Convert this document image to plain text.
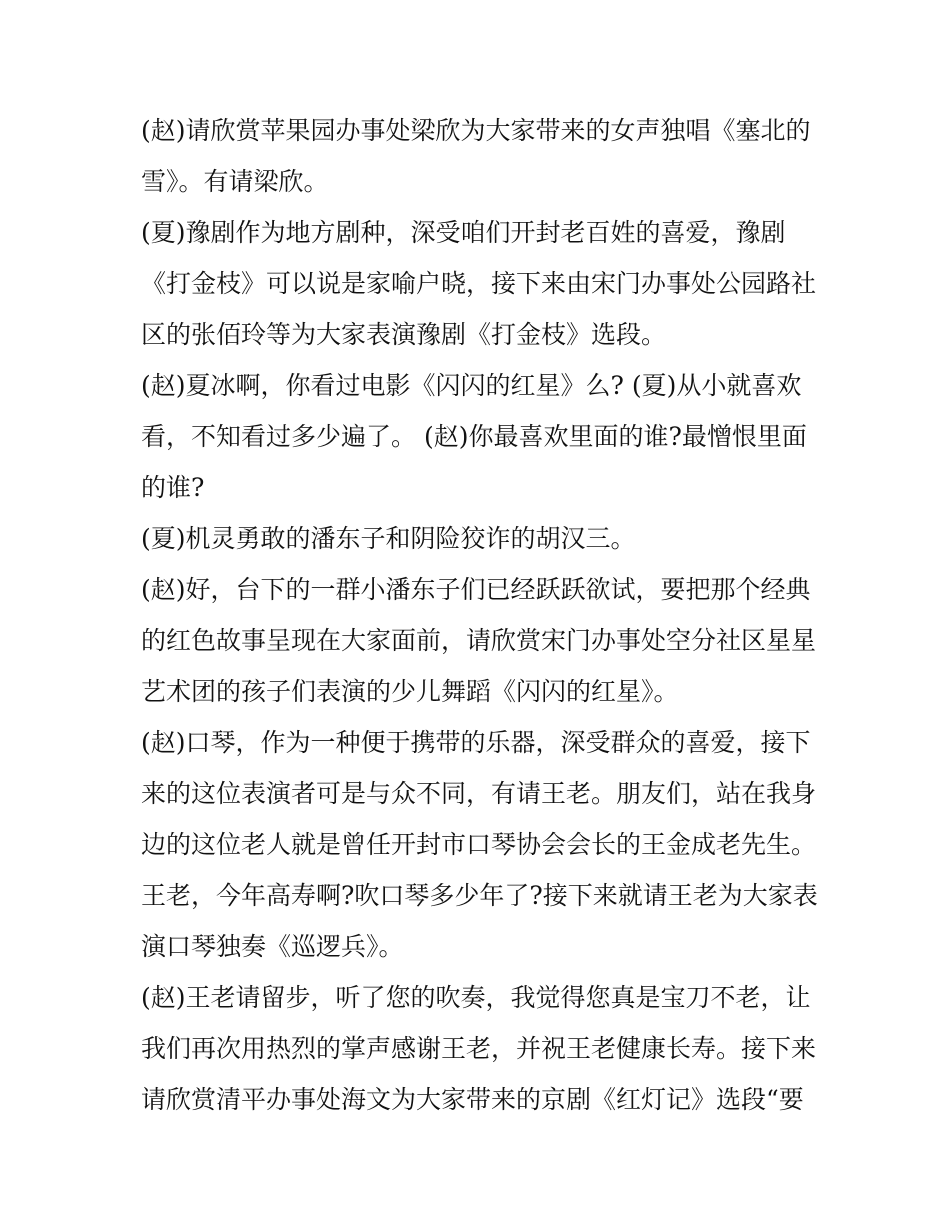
(赵)请欣赏苹果园办事处梁欣为大家带来的女声独唱《塞北的
雪》。有请梁欣。
(夏)豫剧作为地方剧种，深受咱们开封老百姓的喜爱，豫剧
《打金枝》可以说是家喻户晓，接下来由宋门办事处公园路社
区的张佰玲等为大家表演豫剧《打金枝》选段。
(赵)夏冰啊，你看过电影《闪闪的红星》么? (夏)从小就喜欢
看，不知看过多少遍了。 (赵)你最喜欢里面的谁?最憎恨里面
的谁?
(夏)机灵勇敢的潘东子和阴险狡诈的胡汉三。
(赵)好，台下的一群小潘东子们已经跃跃欲试，要把那个经典
的红色故事呈现在大家面前，请欣赏宋门办事处空分社区星星
艺术团的孩子们表演的少儿舞蹈《闪闪的红星》。
(赵)口琴，作为一种便于携带的乐器，深受群众的喜爱，接下
来的这位表演者可是与众不同，有请王老。朋友们，站在我身
边的这位老人就是曾任开封市口琴协会会长的王金成老先生。
王老，今年高寿啊?吹口琴多少年了?接下来就请王老为大家表
演口琴独奏《巡逻兵》。
(赵)王老请留步，听了您的吹奏，我觉得您真是宝刀不老，让
我们再次用热烈的掌声感谢王老，并祝王老健康长寿。接下来
请欣赏清平办事处海文为大家带来的京剧《红灯记》选段“要
